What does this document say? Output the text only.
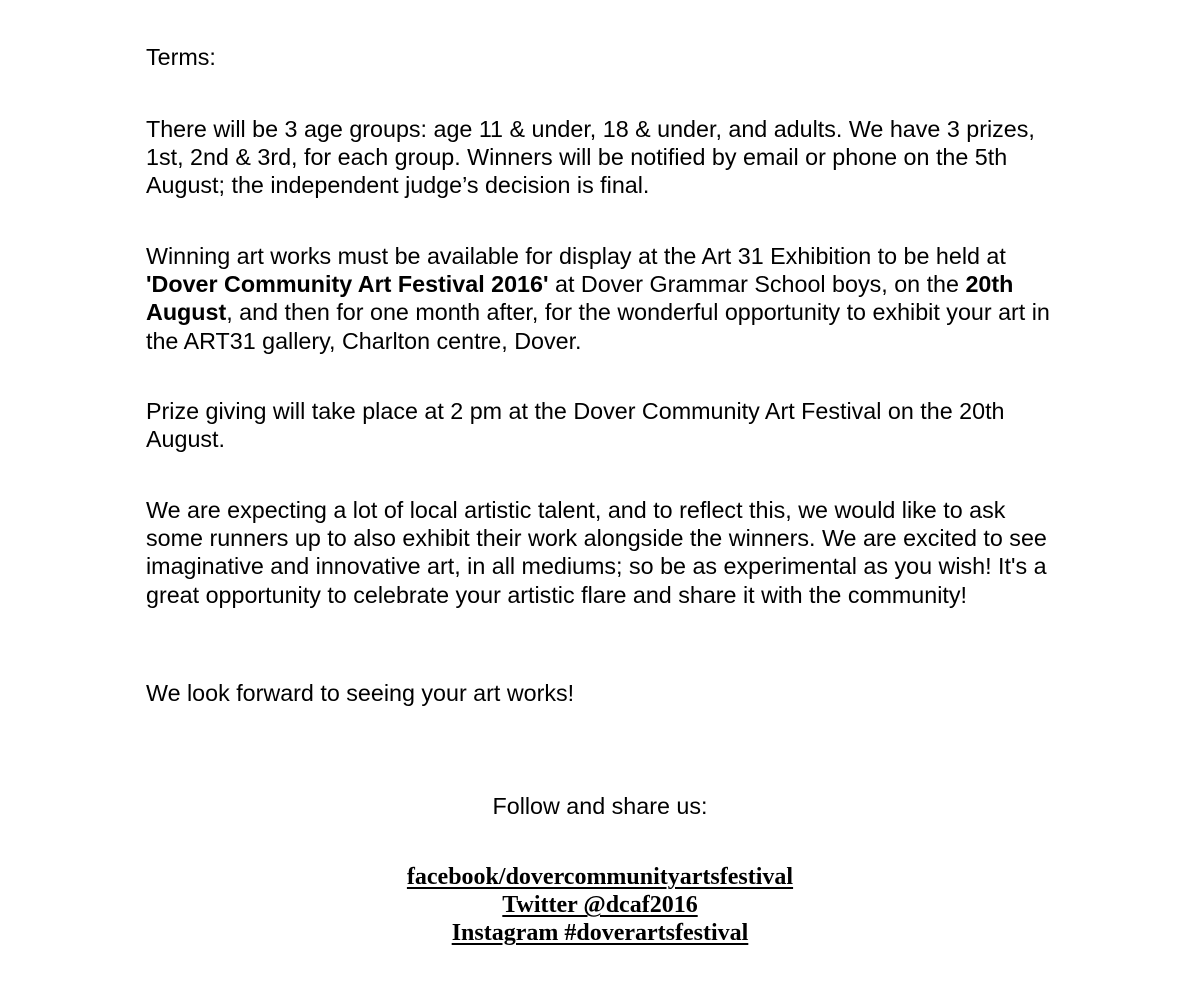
Terms:

There will be 3 age groups: age 11 & under, 18 & under, and adults. We have 3 prizes, 1st, 2nd & 3rd, for each group. Winners will be notified by email or phone on the 5th August; the independent judge’s decision is final.

Winning art works must be available for display at the Art 31 Exhibition to be held at 'Dover Community Art Festival 2016' at Dover Grammar School boys, on the 20th August, and then for one month after, for the wonderful opportunity to exhibit your art in the ART31 gallery, Charlton centre, Dover.

Prize giving will take place at 2 pm at the Dover Community Art Festival on the 20th August.

We are expecting a lot of local artistic talent, and to reflect this, we would like to ask some runners up to also exhibit their work alongside the winners. We are excited to see imaginative and innovative art, in all mediums; so be as experimental as you wish! It's a great opportunity to celebrate your artistic flare and share it with the community!

We look forward to seeing your art works!

Follow and share us:

facebook/dovercommunityartsfestival
Twitter @dcaf2016
Instagram #doverartsfestival
